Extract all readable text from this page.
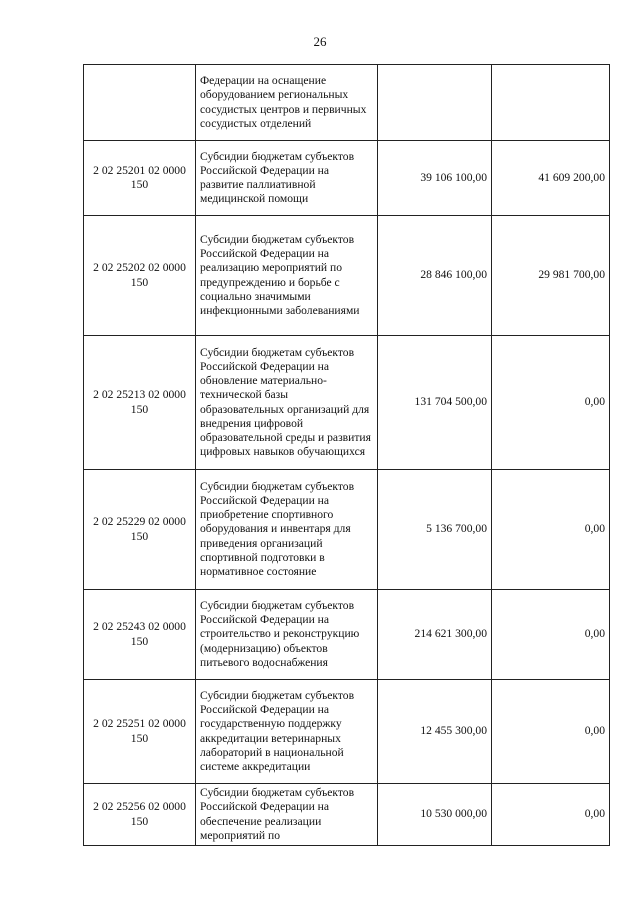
26
	Федерации на оснащение оборудованием региональных сосудистых центров и первичных сосудистых отделений		
2 02 25201 02 0000 150	Субсидии бюджетам субъектов Российской Федерации на развитие паллиативной медицинской помощи	39 106 100,00	41 609 200,00
2 02 25202 02 0000 150	Субсидии бюджетам субъектов Российской Федерации на реализацию мероприятий по предупреждению и борьбе с социально значимыми инфекционными заболеваниями	28 846 100,00	29 981 700,00
2 02 25213 02 0000 150	Субсидии бюджетам субъектов Российской Федерации на обновление материально-технической базы образовательных организаций для внедрения цифровой образовательной среды и развития цифровых навыков обучающихся	131 704 500,00	0,00
2 02 25229 02 0000 150	Субсидии бюджетам субъектов Российской Федерации на приобретение спортивного оборудования и инвентаря для приведения организаций спортивной подготовки в нормативное состояние	5 136 700,00	0,00
2 02 25243 02 0000 150	Субсидии бюджетам субъектов Российской Федерации на строительство и реконструкцию (модернизацию) объектов питьевого водоснабжения	214 621 300,00	0,00
2 02 25251 02 0000 150	Субсидии бюджетам субъектов Российской Федерации на государственную поддержку аккредитации ветеринарных лабораторий в национальной системе аккредитации	12 455 300,00	0,00
2 02 25256 02 0000 150	Субсидии бюджетам субъектов Российской Федерации на обеспечение реализации мероприятий по	10 530 000,00	0,00
